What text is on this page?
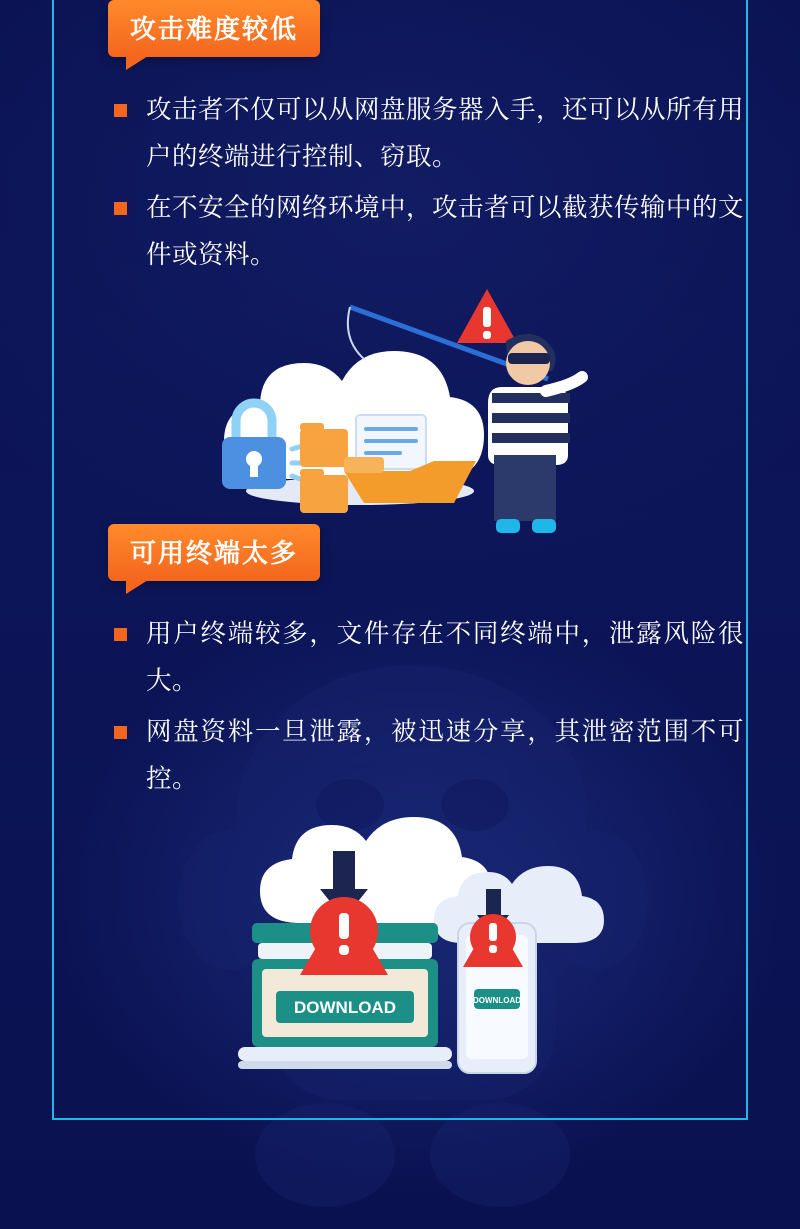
攻击难度较低
攻击者不仅可以从网盘服务器入手，还可以从所有用户的终端进行控制、窃取。
在不安全的网络环境中，攻击者可以截获传输中的文件或资料。
可用终端太多
用户终端较多，文件存在不同终端中，泄露风险很大。
网盘资料一旦泄露，被迅速分享，其泄密范围不可控。
DOWNLOAD	DOWNLOAD
